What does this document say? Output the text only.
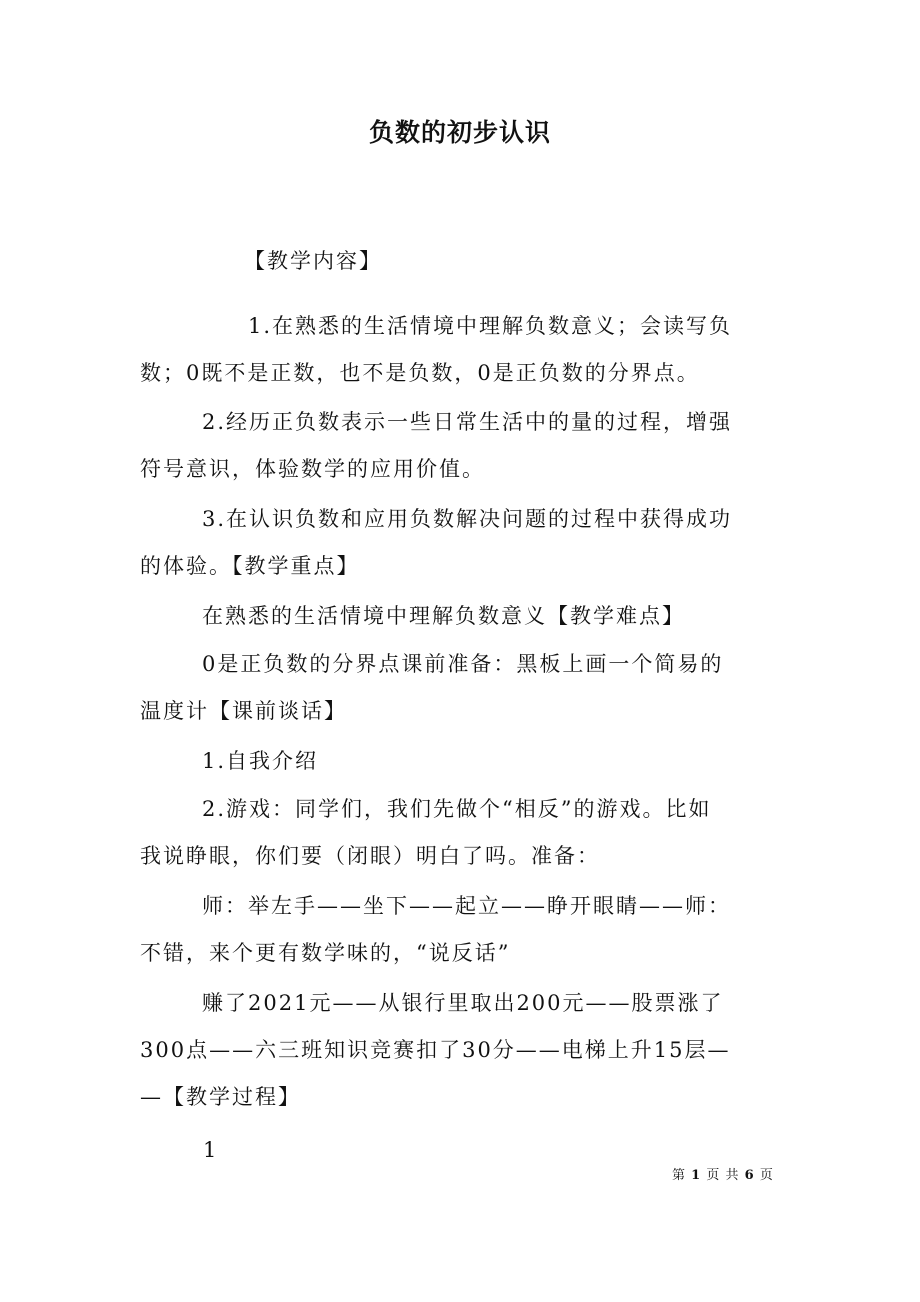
负数的初步认识
【教学内容】
1.在熟悉的生活情境中理解负数意义；会读写负
数；0既不是正数，也不是负数，0是正负数的分界点。
2.经历正负数表示一些日常生活中的量的过程，增强
符号意识，体验数学的应用价值。
3.在认识负数和应用负数解决问题的过程中获得成功
的体验。【教学重点】
在熟悉的生活情境中理解负数意义【教学难点】
0是正负数的分界点课前准备：黑板上画一个简易的
温度计【课前谈话】
1.自我介绍
2.游戏：同学们，我们先做个“相反”的游戏。比如
我说睁眼，你们要（闭眼）明白了吗。准备：
师：举左手——坐下——起立——睁开眼睛——师：
不错，来个更有数学味的，“说反话”
赚了2021元——从银行里取出200元——股票涨了
300点——六三班知识竞赛扣了30分——电梯上升15层—
—【教学过程】
1
第 1 页 共 6 页
